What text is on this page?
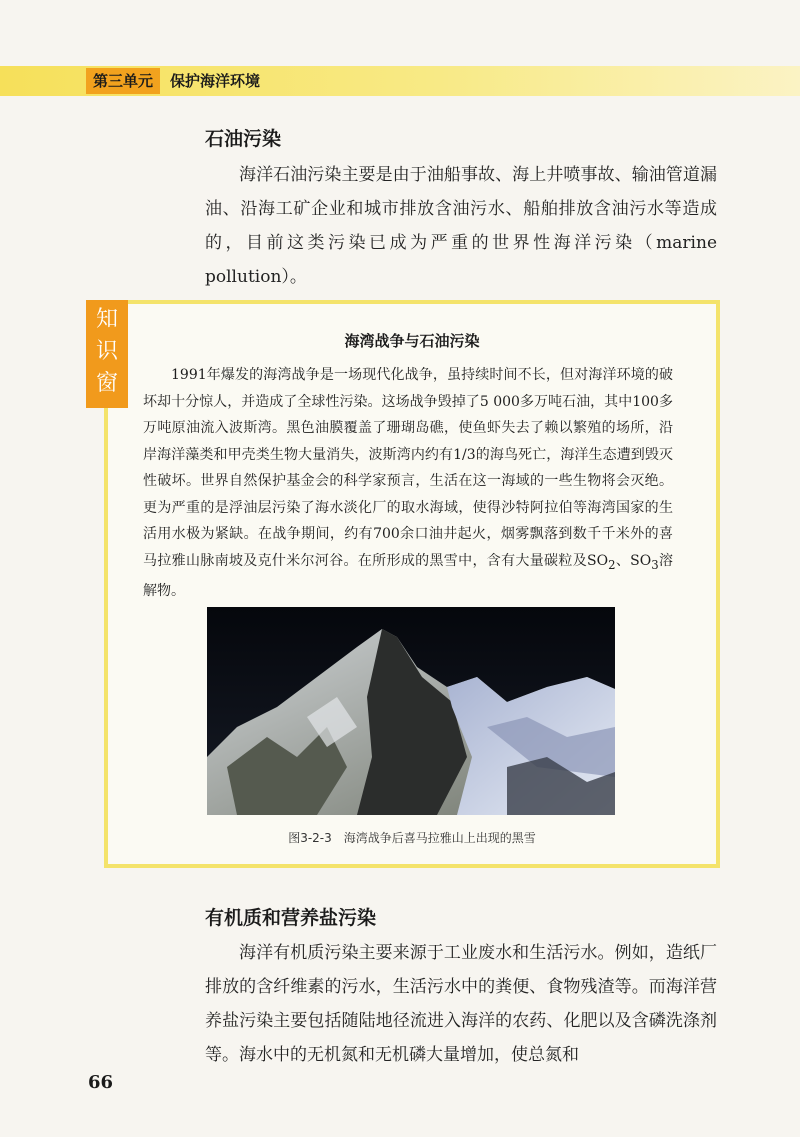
第三单元	保护海洋环境
石油污染

海洋石油污染主要是由于油船事故、海上井喷事故、输油管道漏油、沿海工矿企业和城市排放含油污水、船舶排放含油污水等造成的，目前这类污染已成为严重的世界性海洋污染（marine pollution）。

知
识
窗
海湾战争与石油污染

1991年爆发的海湾战争是一场现代化战争，虽持续时间不长，但对海洋环境的破坏却十分惊人，并造成了全球性污染。这场战争毁掉了5 000多万吨石油，其中100多万吨原油流入波斯湾。黑色油膜覆盖了珊瑚岛礁，使鱼虾失去了赖以繁殖的场所，沿岸海洋藻类和甲壳类生物大量消失，波斯湾内约有1/3的海鸟死亡，海洋生态遭到毁灭性破坏。世界自然保护基金会的科学家预言，生活在这一海域的一些生物将会灭绝。更为严重的是浮油层污染了海水淡化厂的取水海域，使得沙特阿拉伯等海湾国家的生活用水极为紧缺。在战争期间，约有700余口油井起火，烟雾飘落到数千千米外的喜马拉雅山脉南坡及克什米尔河谷。在所形成的黑雪中，含有大量碳粒及$SO_2$、$SO_3$溶解物。

图3-2-3　海湾战争后喜马拉雅山上出现的黑雪
有机质和营养盐污染

海洋有机质污染主要来源于工业废水和生活污水。例如，造纸厂排放的含纤维素的污水，生活污水中的粪便、食物残渣等。而海洋营养盐污染主要包括随陆地径流进入海洋的农药、化肥以及含磷洗涤剂等。海水中的无机氮和无机磷大量增加，使总氮和

66
